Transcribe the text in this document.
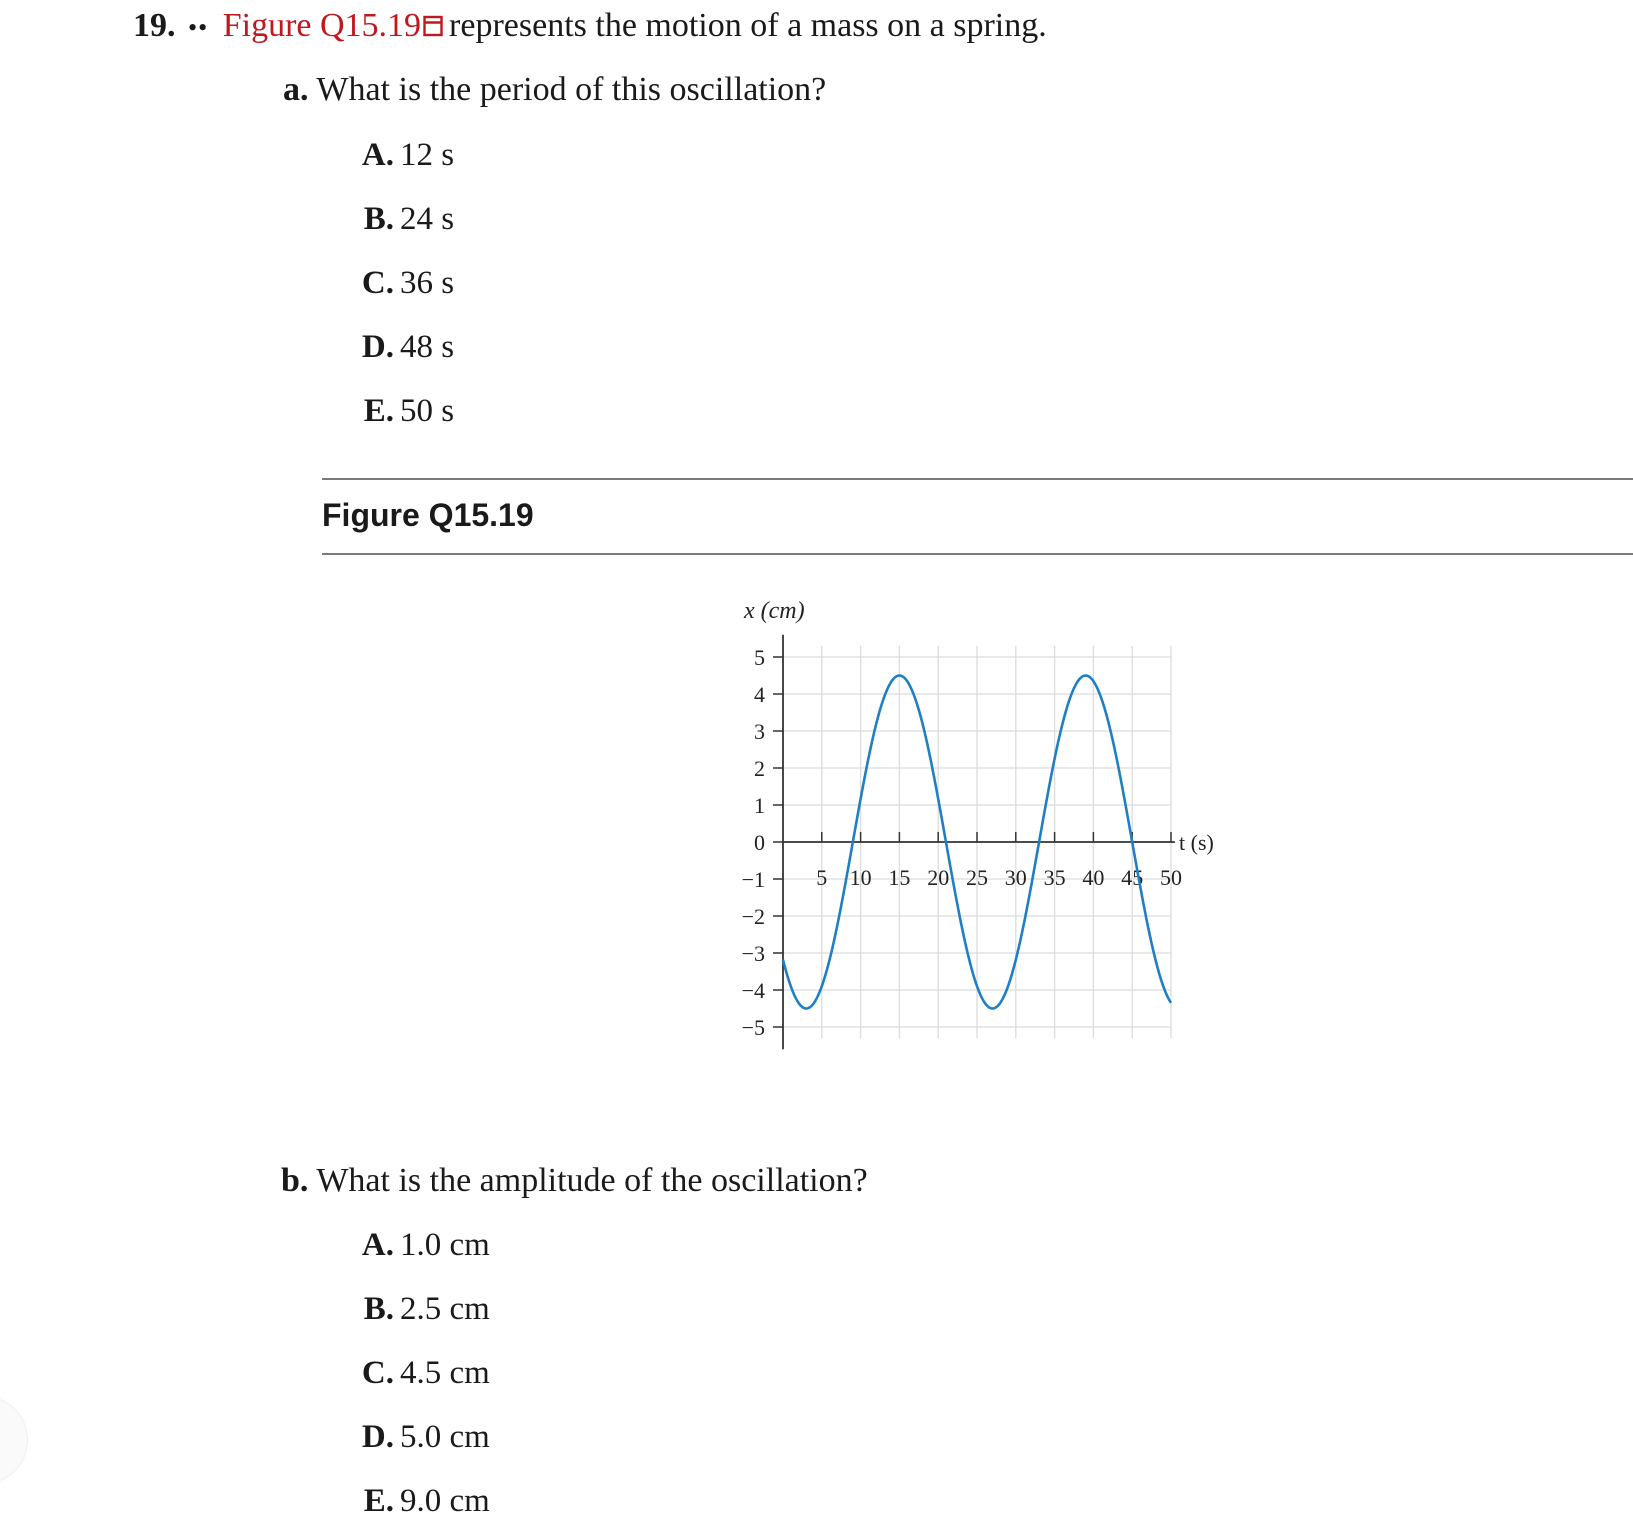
19. •• Figure Q15.19 represents the motion of a mass on a spring.
a. What is the period of this oscillation?
A. 12 s
B. 24 s
C. 36 s
D. 48 s
E. 50 s
Figure Q15.19
5
4
3
2
1
0
−1
−2
−3
−4
−5
5 10 15 20 25 30 35 40 45 50
x (cm)
t (s)
b. What is the amplitude of the oscillation?
A. 1.0 cm
B. 2.5 cm
C. 4.5 cm
D. 5.0 cm
E. 9.0 cm
